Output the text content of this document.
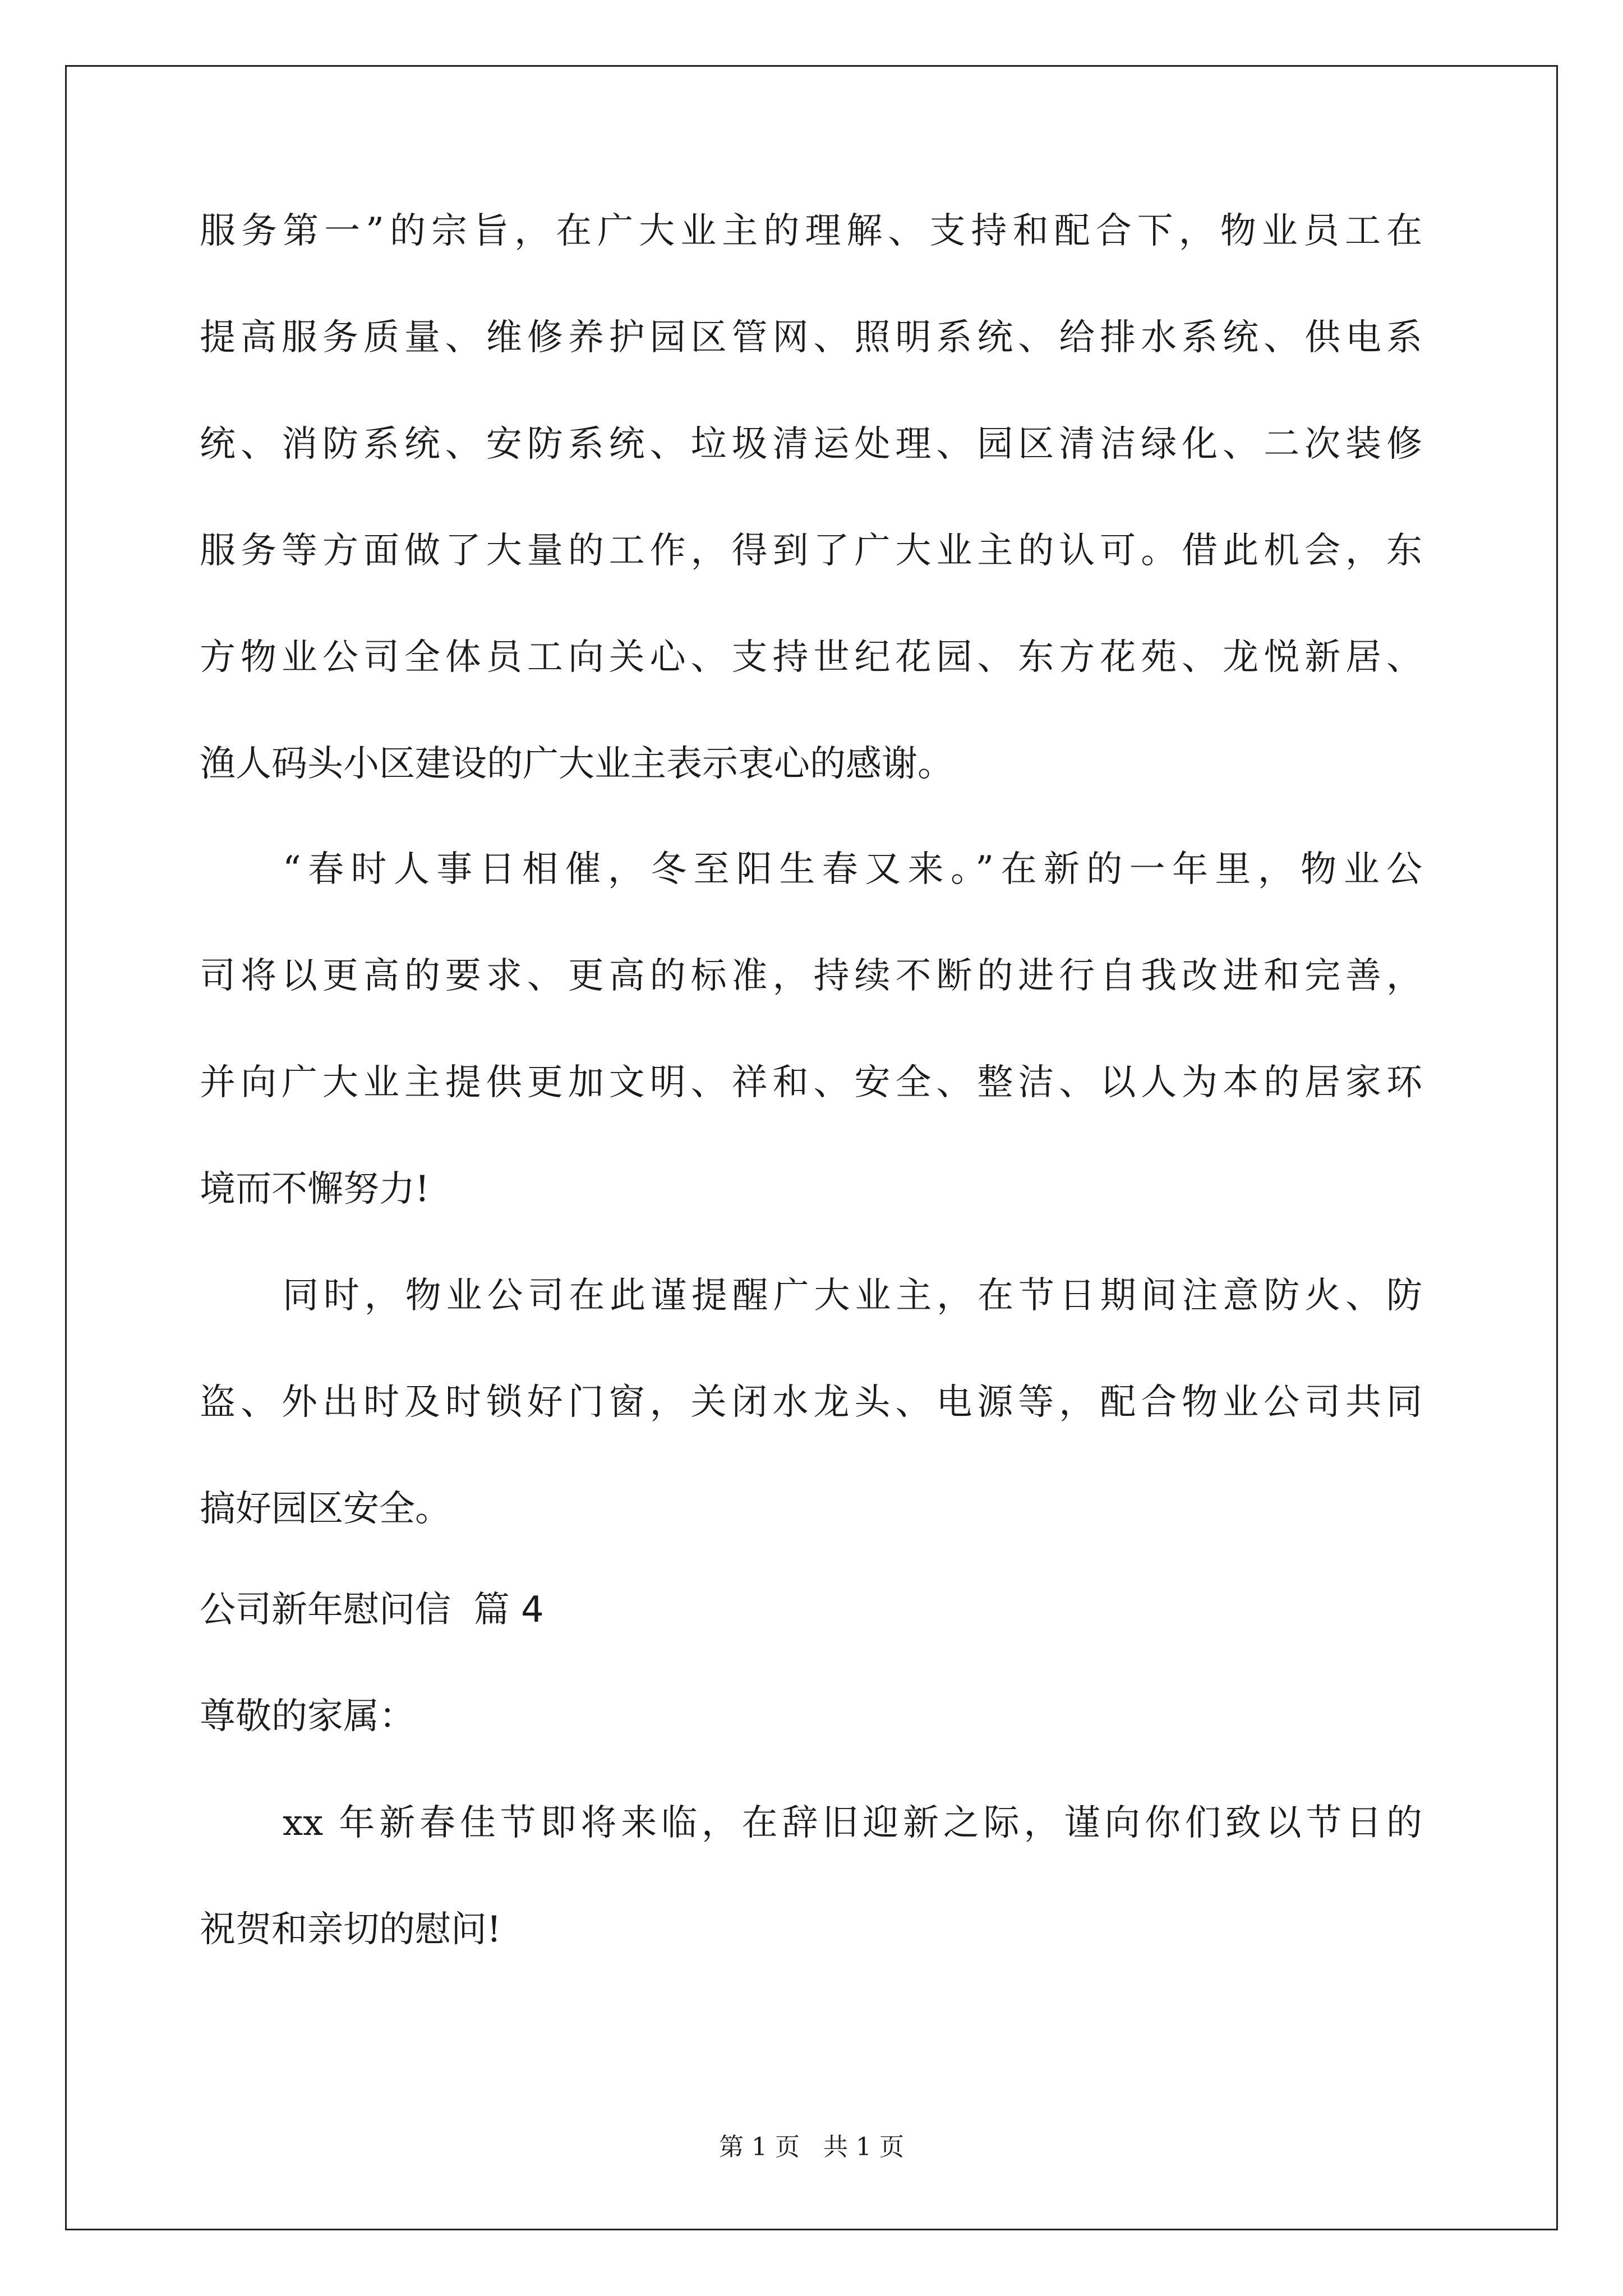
服务第一”的宗旨，在广大业主的理解、支持和配合下，物业员工在
提高服务质量、维修养护园区管网、照明系统、给排水系统、供电系
统、消防系统、安防系统、垃圾清运处理、园区清洁绿化、二次装修
服务等方面做了大量的工作，得到了广大业主的认可。借此机会，东
方物业公司全体员工向关心、支持世纪花园、东方花苑、龙悦新居、
渔人码头小区建设的广大业主表示衷心的感谢。
“春时人事日相催，冬至阳生春又来。”在新的一年里，物业公
司将以更高的要求、更高的标准，持续不断的进行自我改进和完善，
并向广大业主提供更加文明、祥和、安全、整洁、以人为本的居家环
境而不懈努力!
同时，物业公司在此谨提醒广大业主，在节日期间注意防火、防
盗、外出时及时锁好门窗，关闭水龙头、电源等，配合物业公司共同
搞好园区安全。
公司新年慰问信  篇 4
尊敬的家属：
xx 年新春佳节即将来临，在辞旧迎新之际，谨向你们致以节日的
祝贺和亲切的慰问!
第 1 页   共 1 页
